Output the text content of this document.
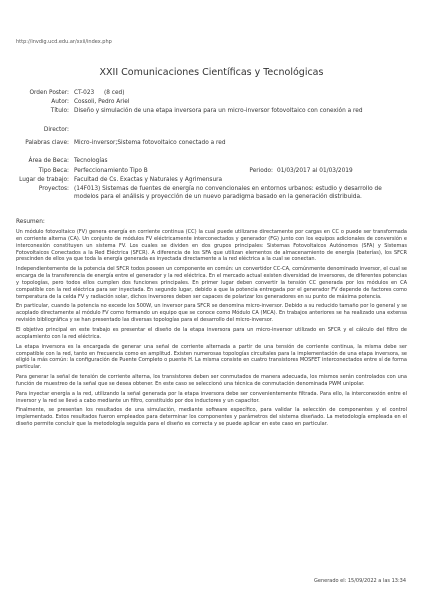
http://invdig.ucd.edu.ar/xxii/index.php
XXII Comunicaciones Científicas y Tecnológicas
Orden Poster: CT-023 (8 ced)
Autor: Cossoli, Pedro Ariel
Título: Diseño y simulación de una etapa inversora para un micro-inversor fotovoltaico con conexión a red
Director:
Palabras clave: Micro-inversor;Sistema fotovoltaico conectado a red
Área de Beca: Tecnologías
Tipo Beca: Perfeccionamiento Tipo B	Periodo: 01/03/2017 al 01/03/2019
Lugar de trabajo: Facultad de Cs. Exactas y Naturales y Agrimensura
Proyectos: (14F013) Sistemas de fuentes de energía no convencionales en entornos urbanos: estudio y desarrollo de modelos para el análisis y proyección de un nuevo paradigma basado en la generación distribuida.
Resumen:

Un módulo fotovoltaico (FV) genera energía en corriente continua (CC) la cual puede utilizarse directamente por cargas en CC o puede ser transformada en corriente alterna (CA). Un conjunto de módulos FV eléctricamente interconectados y generador (FG) junto con los equipos adicionales de conversión e interconexión constituyen un sistema FV. Los cuales se dividen en dos grupos principales: Sistemas Fotovoltaicos Autónomos (SFA) y Sistemas Fotovoltaicos Conectados a la Red Eléctrica (SFCR). A diferencia de los SFA que utilizan elementos de almacenamiento de energía (baterías), los SFCR prescinden de ellos ya que toda la energía generada es inyectada directamente a la red eléctrica a la cual se conectan.

Independientemente de la potencia del SFCR todos poseen un componente en común: un convertidor CC-CA, comúnmente denominado inversor, el cual se encarga de la transferencia de energía entre el generador y la red eléctrica. En el mercado actual existen diversidad de inversores, de diferentes potencias y topologías, pero todos ellos cumplen dos funciones principales. En primer lugar deben convertir la tensión CC generada por los módulos en CA compatible con la red eléctrica para ser inyectada. En segundo lugar, debido a que la potencia entregada por el generador FV depende de factores como temperatura de la celda FV y radiación solar, dichos inversores deben ser capaces de polarizar los generadores en su punto de máxima potencia.

En particular, cuando la potencia no excede los 500W, un inversor para SFCR se denomina micro-inversor. Debido a su reducido tamaño por lo general y se acoplado directamente al módulo FV como formando un equipo que se conoce como Módulo CA (MCA). En trabajos anteriores se ha realizado una extensa revisión bibliográfica y se han presentado las diversas topologías para el desarrollo del micro-inversor.

El objetivo principal en este trabajo es presentar el diseño de la etapa inversora para un micro-inversor utilizado en SFCR y el cálculo del filtro de acoplamiento con la red eléctrica.

La etapa inversora es la encargada de generar una señal de corriente alternada a partir de una tensión de corriente continua, la misma debe ser compatible con la red, tanto en frecuencia como en amplitud. Existen numerosas topologías circuitales para la implementación de una etapa inversora, se eligió la más común: la configuración de Puente Completo o puente H. La misma consiste en cuatro transistores MOSFET interconectados entre sí de forma particular.

Para generar la señal de tensión de corriente alterna, los transistores deben ser conmutados de manera adecuada, los mismos serán controlados con una función de muestreo de la señal que se desea obtener. En este caso se seleccionó una técnica de conmutación denominada PWM unipolar.

Para inyectar energía a la red, utilizando la señal generada por la etapa inversora debe ser convenientemente filtrada. Para ello, la interconexión entre el inversor y la red se llevó a cabo mediante un filtro, constituido por dos inductores y un capacitor.

Finalmente, se presentan los resultados de una simulación, mediante software específico, para validar la selección de componentes y el control implementado. Estos resultados fueron empleados para determinar los componentes y parámetros del sistema diseñado. La metodología empleada en el diseño permite concluir que la metodología seguida para el diseño es correcta y se puede aplicar en este caso en particular.

Generado el: 15/09/2022 a las 13:34
